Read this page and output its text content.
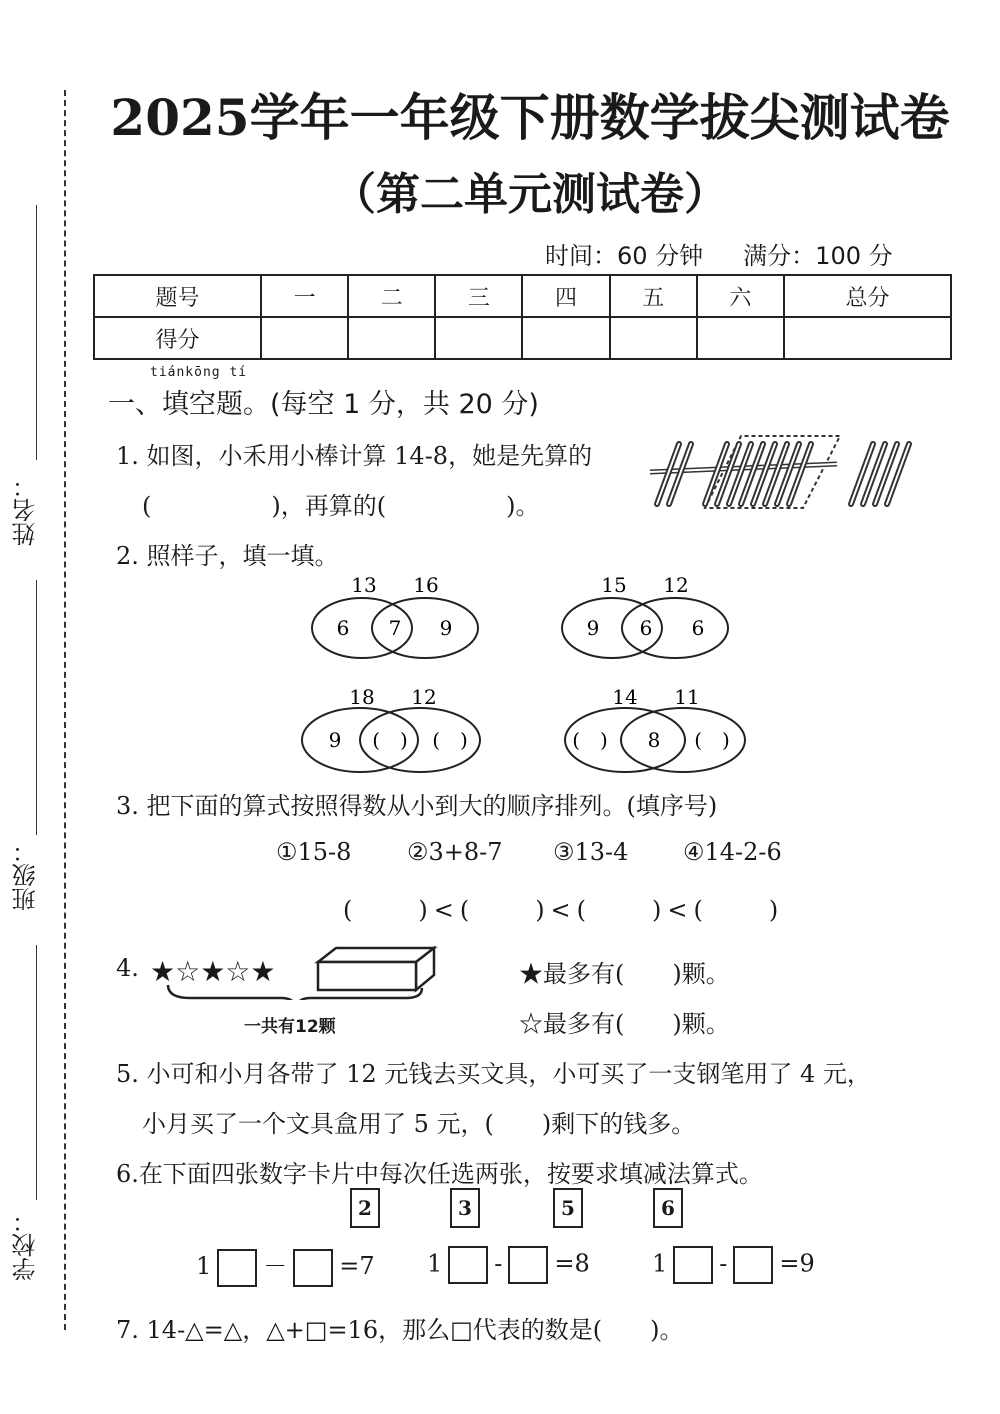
姓名：
班级：
学校：
2025学年一年级下册数学拔尖测试卷
（第二单元测试卷）
时间：60 分钟 满分：100 分
题号	一	二	三	四	五	六	总分
得分							
tiánkōng tí
一、填空题。(每空 1 分，共 20 分)
1. 如图，小禾用小棒计算 14-8，她是先算的
(　　　　　)，再算的(　　　　　)。
2. 照样子，填一填。
13 16
6 7 9
15 12
9 6 6
18 12
9 (　) (　)
14 11
(　) 8 (　)
3. 把下面的算式按照得数从小到大的顺序排列。(填序号)
①15-8 ②3+8-7 ③13-4 ④14-2-6
(　　)<(　　)<(　　)<(　　)
4. ★☆★☆★
一共有12颗
★最多有(　　)颗。
☆最多有(　　)颗。
5. 小可和小月各带了 12 元钱去买文具，小可买了一支钢笔用了 4 元，
小月买了一个文具盒用了 5 元，(　　)剩下的钱多。
6.在下面四张数字卡片中每次任选两张，按要求填减法算式。
2	3	5	6
1 － =7 1 - =8	1 - =9
7. 14-△=△，△+□=16，那么□代表的数是(　　)。
